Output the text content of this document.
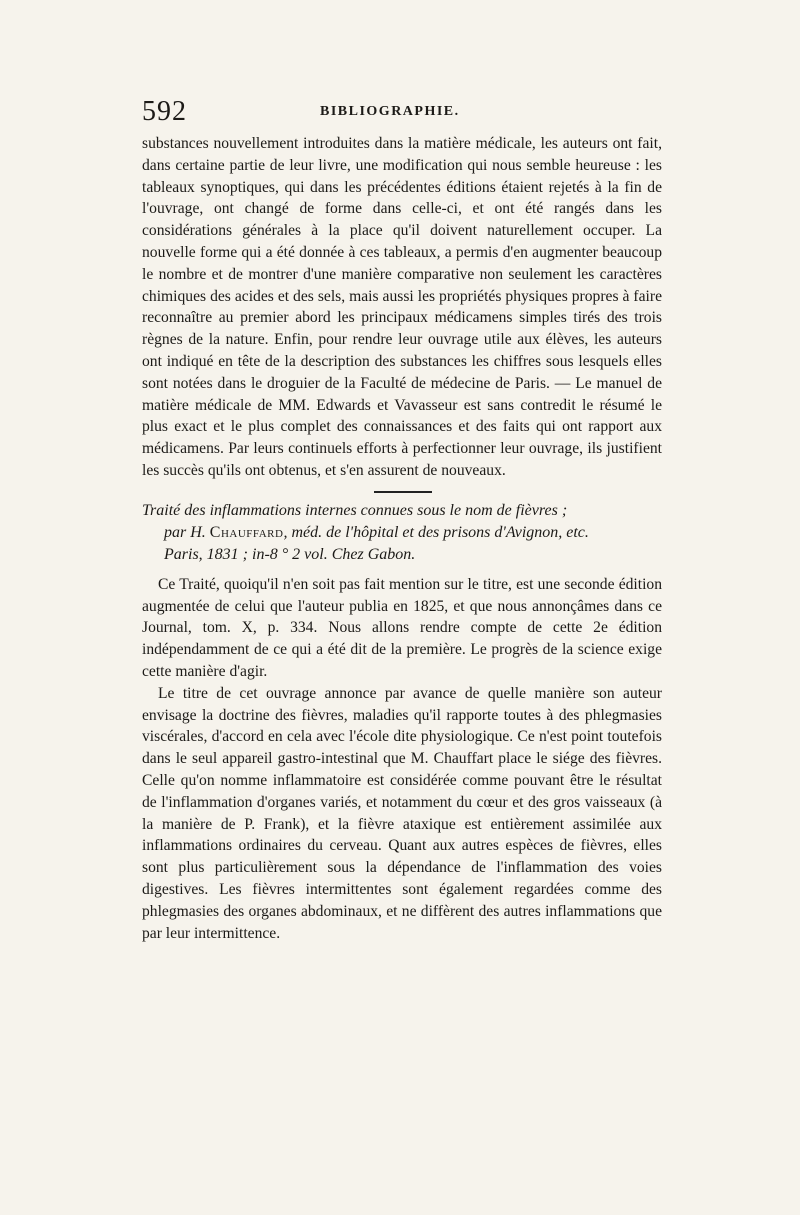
592	BIBLIOGRAPHIE.

substances nouvellement introduites dans la matière médicale, les auteurs ont fait, dans certaine partie de leur livre, une modification qui nous semble heureuse : les tableaux synoptiques, qui dans les précédentes éditions étaient rejetés à la fin de l'ouvrage, ont changé de forme dans celle-ci, et ont été rangés dans les considérations générales à la place qu'il doivent naturellement occuper. La nouvelle forme qui a été donnée à ces tableaux, a permis d'en augmenter beaucoup le nombre et de montrer d'une manière comparative non seulement les caractères chimiques des acides et des sels, mais aussi les propriétés physiques propres à faire reconnaître au premier abord les principaux médicamens simples tirés des trois règnes de la nature. Enfin, pour rendre leur ouvrage utile aux élèves, les auteurs ont indiqué en tête de la description des substances les chiffres sous lesquels elles sont notées dans le droguier de la Faculté de médecine de Paris. — Le manuel de matière médicale de MM. Edwards et Vavasseur est sans contredit le résumé le plus exact et le plus complet des connaissances et des faits qui ont rapport aux médicamens. Par leurs continuels efforts à perfectionner leur ouvrage, ils justifient les succès qu'ils ont obtenus, et s'en assurent de nouveaux.

Traité des inflammations internes connues sous le nom de fièvres ;
par H. Chauffard, méd. de l'hôpital et des prisons d'Avignon, etc.
Paris, 1831 ; in-8 ° 2 vol. Chez Gabon.

Ce Traité, quoiqu'il n'en soit pas fait mention sur le titre, est une seconde édition augmentée de celui que l'auteur publia en 1825, et que nous annonçâmes dans ce Journal, tom. X, p. 334. Nous allons rendre compte de cette 2e édition indépendamment de ce qui a été dit de la première. Le progrès de la science exige cette manière d'agir.

Le titre de cet ouvrage annonce par avance de quelle manière son auteur envisage la doctrine des fièvres, maladies qu'il rapporte toutes à des phlegmasies viscérales, d'accord en cela avec l'école dite physiologique. Ce n'est point toutefois dans le seul appareil gastro-intestinal que M. Chauffart place le siége des fièvres. Celle qu'on nomme inflammatoire est considérée comme pouvant être le résultat de l'inflammation d'organes variés, et notamment du cœur et des gros vaisseaux (à la manière de P. Frank), et la fièvre ataxique est entièrement assimilée aux inflammations ordinaires du cerveau. Quant aux autres espèces de fièvres, elles sont plus particulièrement sous la dépendance de l'inflammation des voies digestives. Les fièvres intermittentes sont également regardées comme des phlegmasies des organes abdominaux, et ne diffèrent des autres inflammations que par leur intermittence.
